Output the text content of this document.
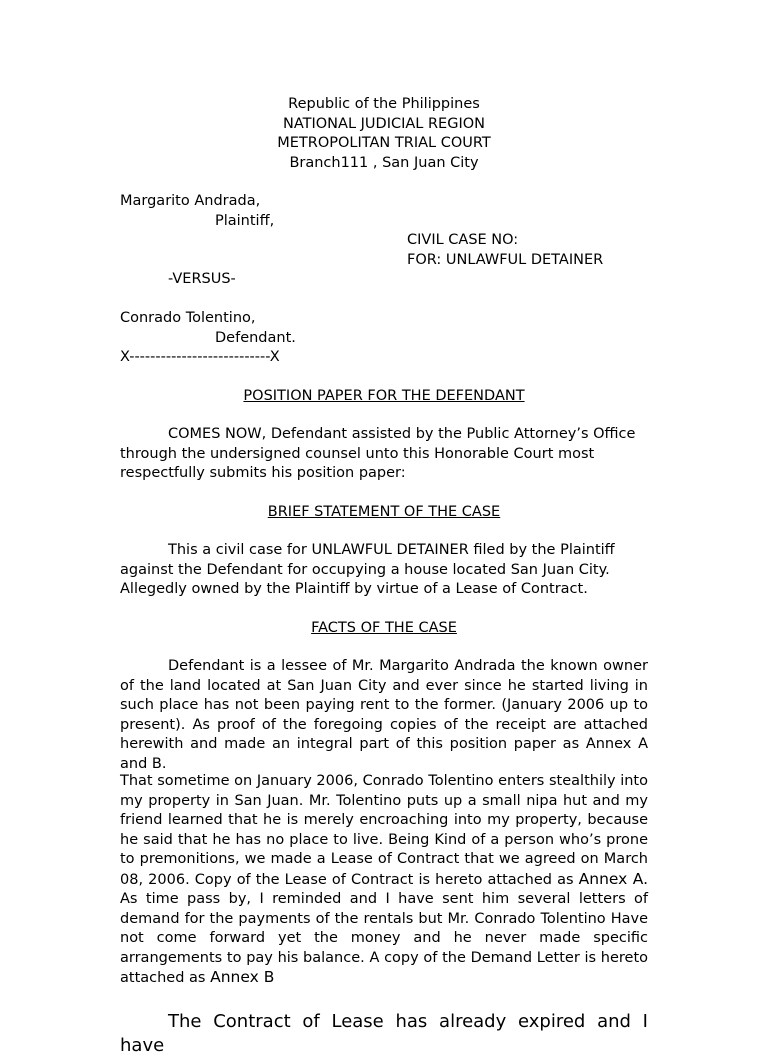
Republic of the Philippines
NATIONAL JUDICIAL REGION
METROPOLITAN TRIAL COURT
Branch111 , San Juan City
Margarito Andrada,
Plaintiff,
CIVIL CASE NO:
FOR: UNLAWFUL DETAINER
-VERSUS-
Conrado Tolentino,
Defendant.
X---------------------------X
POSITION PAPER FOR THE DEFENDANT
COMES NOW, Defendant assisted by the Public Attorney’s Office
through the undersigned counsel unto this Honorable Court most
respectfully submits his position paper:
BRIEF STATEMENT OF THE CASE
This a civil case for UNLAWFUL DETAINER filed by the Plaintiff
against the Defendant for occupying a house located San Juan City.
Allegedly owned by the Plaintiff by virtue of a Lease of Contract.
FACTS OF THE CASE

Defendant is a lessee of Mr. Margarito Andrada the known owner of the land located at San Juan City and ever since he started living in such place has not been paying rent to the former. (January 2006 up to present). As proof of the foregoing copies of the receipt are attached herewith and made an integral part of this position paper as Annex A and B.

That sometime on January 2006, Conrado Tolentino enters stealthily into my property in San Juan. Mr. Tolentino puts up a small nipa hut and my friend learned that he is merely encroaching into my property, because he said that he has no place to live. Being Kind of a person who’s prone to premonitions, we made a Lease of Contract that we agreed on March 08, 2006. Copy of the Lease of Contract is hereto attached as Annex A. As time pass by, I reminded and I have sent him several letters of demand for the payments of the rentals but Mr. Conrado Tolentino Have not come forward yet the money and he never made specific arrangements to pay his balance. A copy of the Demand Letter is hereto attached as Annex B

The Contract of Lease has already expired and I have
